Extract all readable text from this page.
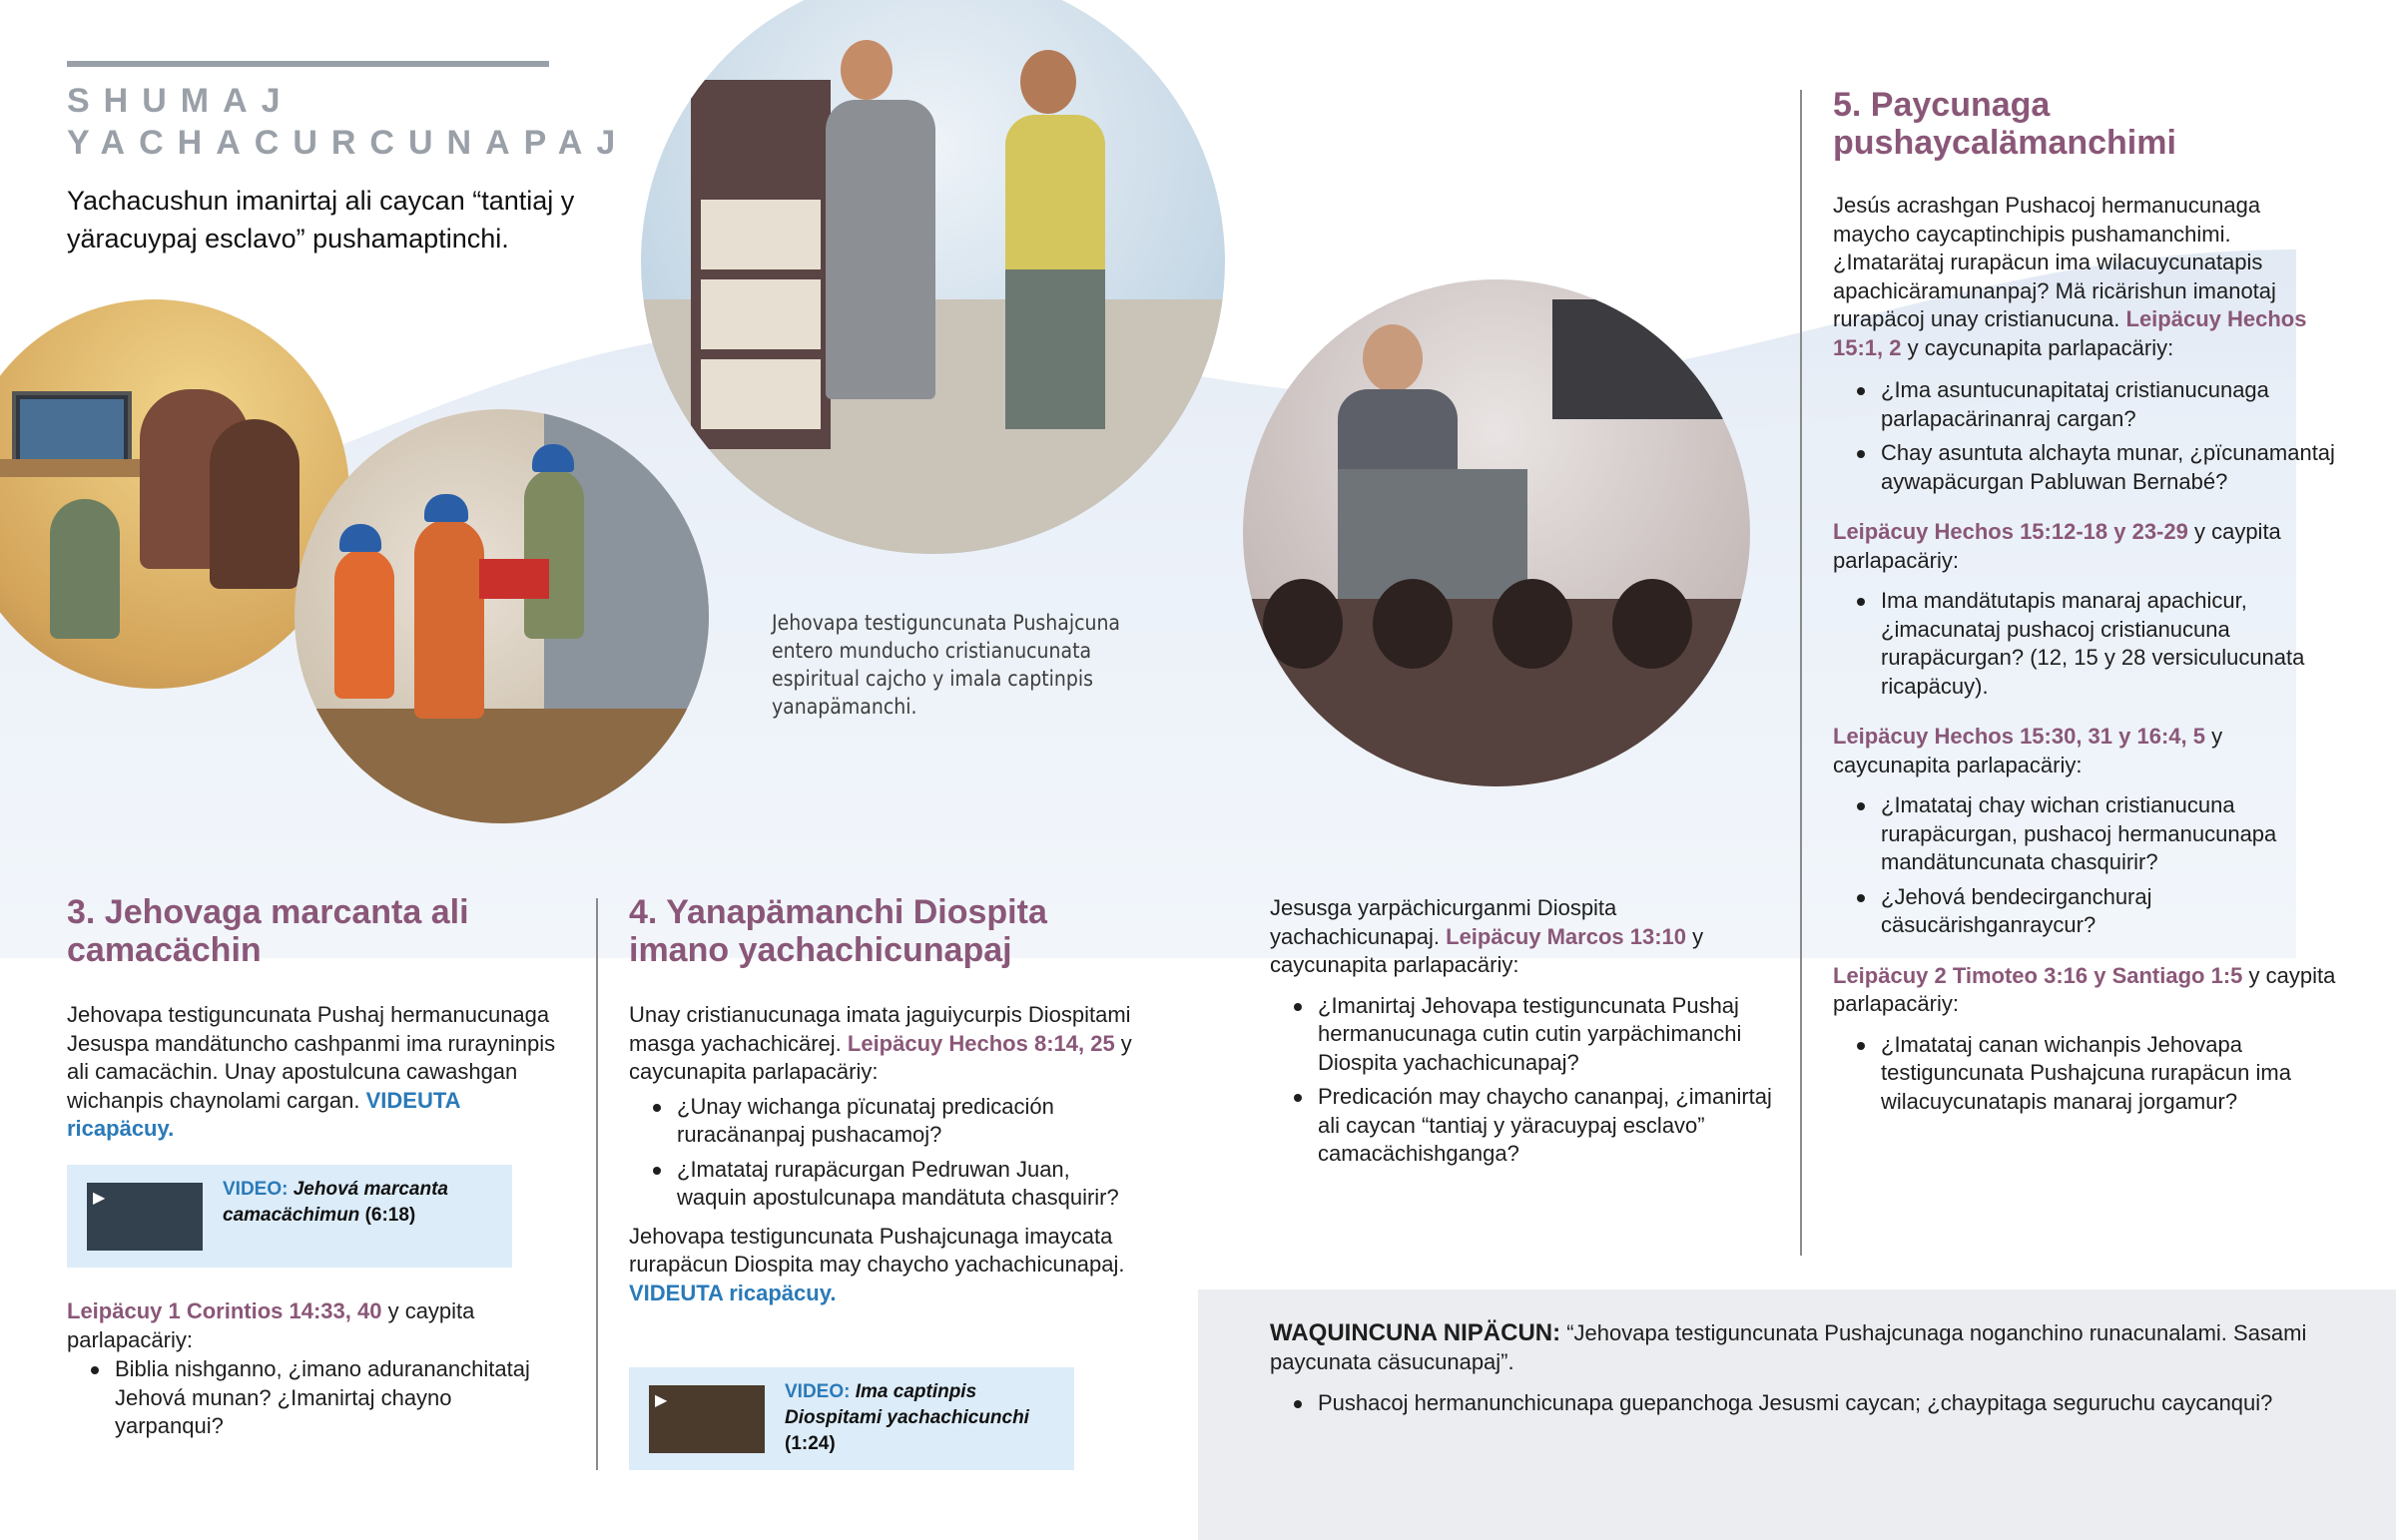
SHUMAJ
YACHACURCUNAPAJ
Yachacushun imanirtaj ali caycan “tantiaj y yäracuypaj esclavo” pushamaptinchi.
Jehovapa testiguncunata Pushajcuna entero munducho cristianucunata espiritual cajcho y imala captinpis yanapämanchi.
3. Jehovaga marcanta ali camacächin
Jehovapa testiguncunata Pushaj hermanucunaga Jesuspa mandätuncho cashpanmi ima rurayninpis ali camacächin. Unay apostulcuna cawashgan wichanpis chaynolami cargan. VIDEUTA ricapäcuy.
▶	VIDEO: Jehová marcanta camacächimun (6:18)
Leipäcuy 1 Corintios 14:33, 40 y caypita parlapacäriy:
Biblia nishganno, ¿imano adurananchitataj Jehová munan? ¿Imanirtaj chayno yarpanqui?
4. Yanapämanchi Diospita imano yachachicunapaj
Unay cristianucunaga imata jaguiycurpis Diospitami masga yachachicärej. Leipäcuy Hechos 8:14, 25 y caycunapita parlapacäriy:
¿Unay wichanga pïcunataj predicación ruracänanpaj pushacamoj?
¿Imatataj rurapäcurgan Pedruwan Juan, waquin apostulcunapa mandätuta chasquirir?
Jehovapa testiguncunata Pushajcunaga imaycata rurapäcun Diospita may chaycho yachachicunapaj. VIDEUTA ricapäcuy.
▶	VIDEO: Ima captinpis Diospitami yachachicunchi (1:24)
Jesusga yarpächicurganmi Diospita yachachicunapaj. Leipäcuy Marcos 13:10 y caycunapita parlapacäriy:
¿Imanirtaj Jehovapa testiguncunata Pushaj hermanucunaga cutin cutin yarpächimanchi Diospita yachachicunapaj?
Predicación may chaycho cananpaj, ¿imanirtaj ali caycan “tantiaj y yäracuypaj esclavo” camacächishganga?
5. Paycunaga pushaycalämanchimi
Jesús acrashgan Pushacoj hermanucunaga maycho caycaptinchipis pushamanchimi. ¿Imatarätaj rurapäcun ima wilacuycunatapis apachicäramunanpaj? Mä ricärishun imanotaj rurapäcoj unay cristianucuna. Leipäcuy Hechos 15:1, 2 y caycunapita parlapacäriy:
¿Ima asuntucunapitataj cristianucunaga parlapacärinanraj cargan?
Chay asuntuta alchayta munar, ¿pïcunamantaj aywapäcurgan Pabluwan Bernabé?
Leipäcuy Hechos 15:12-18 y 23-29 y caypita parlapacäriy:
Ima mandätutapis manaraj apachicur, ¿imacunataj pushacoj cristianucuna rurapäcurgan? (12, 15 y 28 versiculucunata ricapäcuy).
Leipäcuy Hechos 15:30, 31 y 16:4, 5 y caycunapita parlapacäriy:
¿Imatataj chay wichan cristianucuna rurapäcurgan, pushacoj hermanucunapa mandätuncunata chasquirir?
¿Jehová bendecirganchuraj cäsucärishganraycur?
Leipäcuy 2 Timoteo 3:16 y Santiago 1:5 y caypita parlapacäriy:
¿Imatataj canan wichanpis Jehovapa testiguncunata Pushajcuna rurapäcun ima wilacuycunatapis manaraj jorgamur?
WAQUINCUNA NIPÄCUN: “Jehovapa testiguncunata Pushajcunaga noganchino runacunalami. Sasami paycunata cäsucunapaj”.
Pushacoj hermanunchicunapa guepanchoga Jesusmi caycan; ¿chaypitaga seguruchu caycanqui?
